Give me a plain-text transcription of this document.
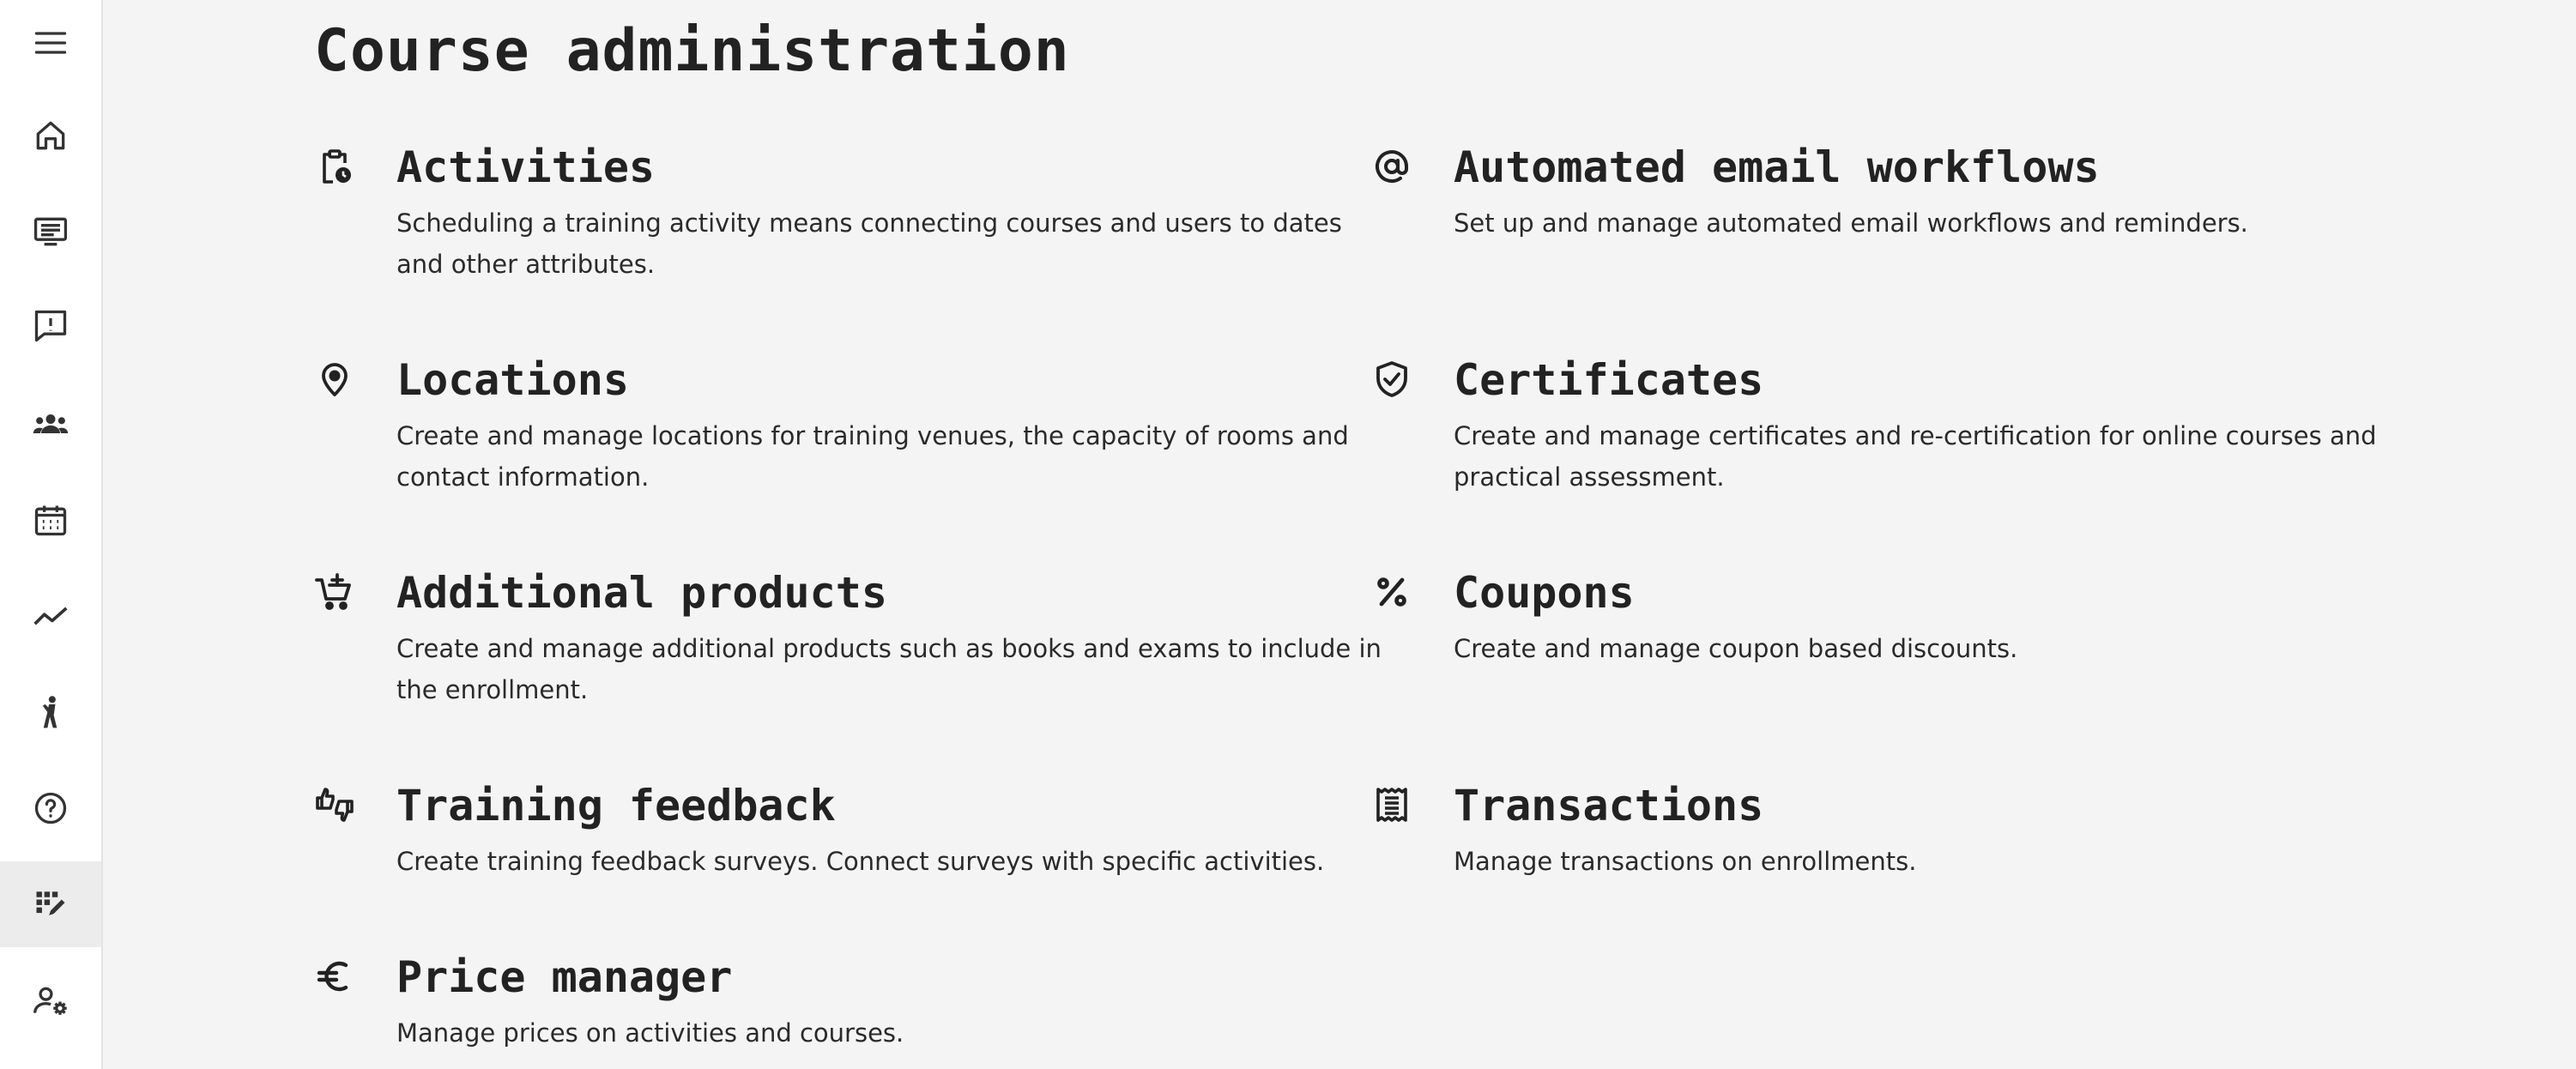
Course administration
Activities

Scheduling a training activity means connecting courses and users to dates and other attributes.

Automated email workflows

Set up and manage automated email workflows and reminders.

Locations

Create and manage locations for training venues, the capacity of rooms and contact information.

Certificates

Create and manage certificates and re-certification for online courses and practical assessment.

Additional products

Create and manage additional products such as books and exams to include in the enrollment.

Coupons

Create and manage coupon based discounts.

Training feedback

Create training feedback surveys. Connect surveys with specific activities.

Transactions

Manage transactions on enrollments.

Price manager

Manage prices on activities and courses.
